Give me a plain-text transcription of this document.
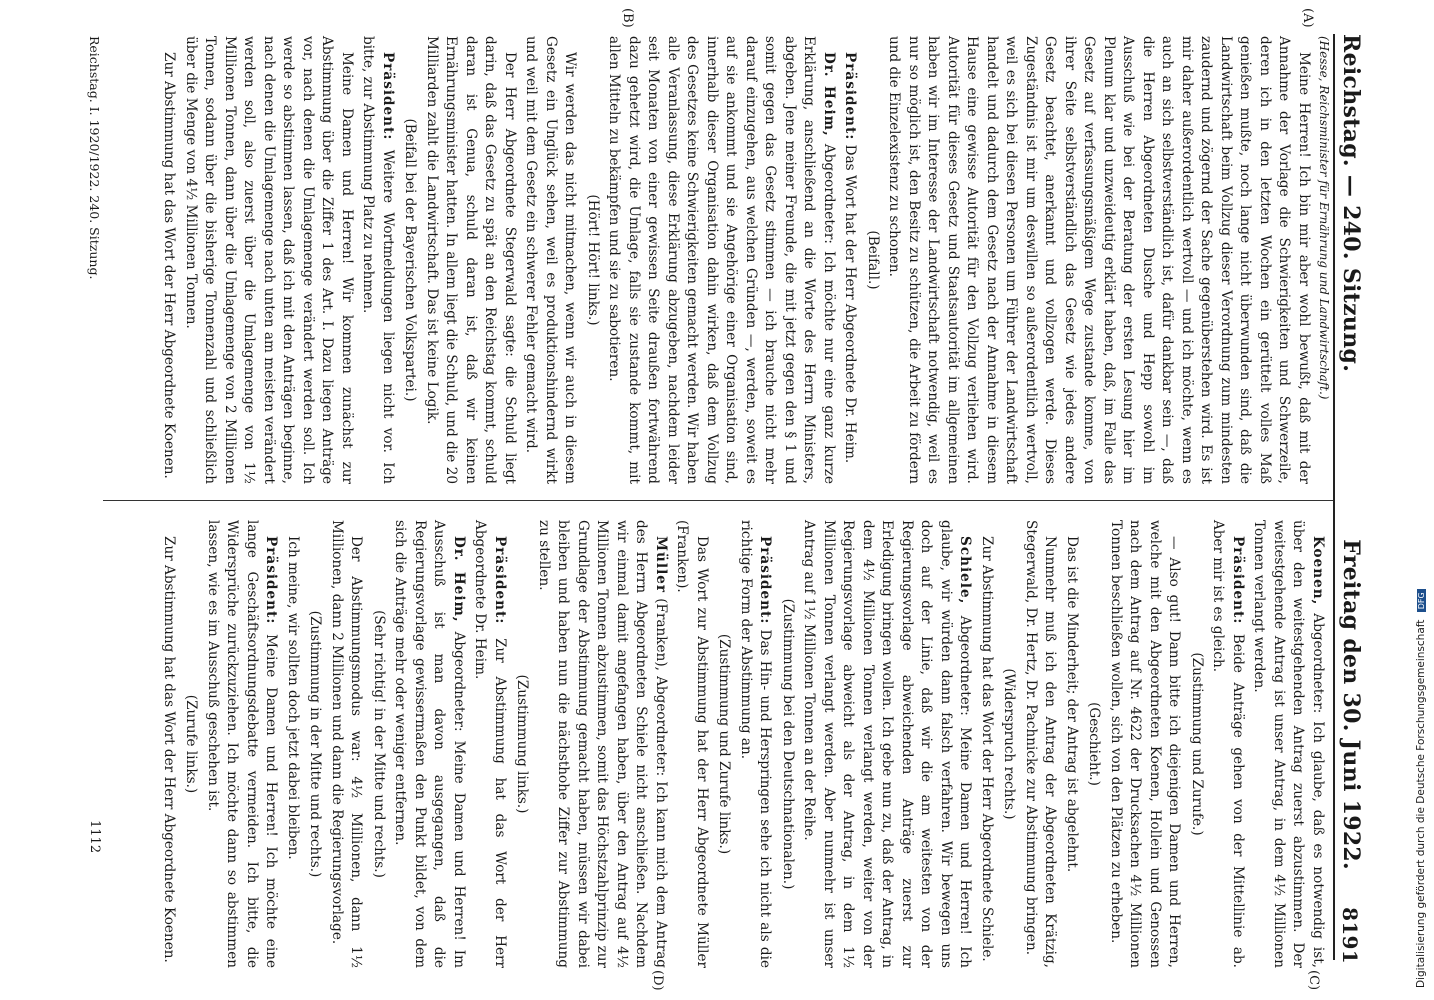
Reichstag. — 240. Sitzung.
Freitag den 30. Juni 1922.
8191
(Hesse, Reichsminister für Ernährung und Landwirtschaft.)
(A)
(B)
(C)
(D)

Meine Herren! Ich bin mir aber wohl bewußt, daß mit der Annahme der Vorlage die Schwierigkeiten und Schwerzeile, deren ich in den letzten Wochen ein gerüttelt volles Maß genießen mußte, noch lange nicht überwunden sind, daß die Landwirtschaft beim Vollzug dieser Verordnung zum mindesten zaudernd und zögernd der Sache gegenüberstehen wird. Es ist mir daher außerordentlich wertvoll — und ich möchte, wenn es auch an sich selbstverständlich ist, dafür dankbar sein —, daß die Herren Abgeordneten Dusche und Hepp sowohl im Ausschuß wie bei der Beratung der ersten Lesung hier im Plenum klar und unzweideutig erklärt haben, daß, im Falle das Gesetz auf verfassungsmäßigem Wege zustande komme, von ihrer Seite selbstverständlich das Gesetz wie jedes andere Gesetz beachtet, anerkannt und vollzogen werde. Dieses Zugeständnis ist mir um deswillen so außerordentlich wertvoll, weil es sich bei diesen Personen um Führer der Landwirtschaft handelt und dadurch dem Gesetz nach der Annahme in diesem Hause eine gewisse Autorität für den Vollzug verliehen wird. Autorität für dieses Gesetz und Staatsautorität im allgemeinen haben wir im Interesse der Landwirtschaft notwendig, weil es nur so möglich ist, den Besitz zu schützen, die Arbeit zu fördern und die Einzelexistenz zu schonen.

(Beifall.)

Präsident: Das Wort hat der Herr Abgeordnete Dr. Heim.

Dr. Heim, Abgeordneter: Ich möchte nur eine ganz kurze Erklärung, anschließend an die Worte des Herrn Ministers, abgeben. Jene meiner Freunde, die mit jetzt gegen den § 1 und somit gegen das Gesetz stimmen — ich brauche nicht mehr darauf einzugehen, aus welchen Gründen —, werden, soweit es auf sie ankommt und sie Angehörige einer Organisation sind, innerhalb dieser Organisation dahin wirken, daß dem Vollzug des Gesetzes keine Schwierigkeiten gemacht werden. Wir haben alle Veranlassung, diese Erklärung abzugeben, nachdem leider seit Monaten von einer gewissen Seite draußen fortwährend dazu gehetzt wird, die Umlage, falls sie zustande kommt, mit allen Mitteln zu bekämpfen und sie zu sabotieren.

(Hört! Hört! links.)

Wir werden das nicht mitmachen, wenn wir auch in diesem Gesetz ein Unglück sehen, weil es produktionshindernd wirkt und weil mit dem Gesetz ein schwerer Fehler gemacht wird.

Der Herr Abgeordnete Stegerwald sagte: die Schuld liegt darin, daß das Gesetz zu spät an den Reichstag kommt, schuld daran ist Genua, schuld daran ist, daß wir keinen Ernährungsminister hatten. In allem liegt die Schuld, und die 20 Milliarden zahlt die Landwirtschaft. Das ist keine Logik.

(Beifall bei der Bayerischen Volkspartei.)

Präsident: Weitere Wortmeldungen liegen nicht vor. Ich bitte, zur Abstimmung Platz zu nehmen.

Meine Damen und Herren! Wir kommen zunächst zur Abstimmung über die Ziffer 1 des Art. I. Dazu liegen Anträge vor, nach denen die Umlagemenge verändert werden soll. Ich werde so abstimmen lassen, daß ich mit den Anträgen beginne, nach denen die Umlagemenge nach unten am meisten verändert werden soll, also zuerst über die Umlagemenge von 1½ Millionen Tonnen, dann über die Umlagemenge von 2 Millionen Tonnen, sodann über die bisherige Tonnenzahl und schließlich über die Menge von 4½ Millionen Tonnen.

Zur Abstimmung hat das Wort der Herr Abgeordnete Koenen.

Koenen, Abgeordneter: Ich glaube, daß es notwendig ist, über den weitestgehenden Antrag zuerst abzustimmen. Der weitestgehende Antrag ist unser Antrag, in dem 4½ Millionen Tonnen verlangt werden.

Präsident: Beide Anträge gehen von der Mittellinie ab. Aber mir ist es gleich.

(Zustimmung und Zurufe.)

— Also gut! Dann bitte ich diejenigen Damen und Herren, welche mit den Abgeordneten Koenen, Hollein und Genossen nach dem Antrag auf Nr. 4622 der Drucksachen 4½ Millionen Tonnen beschließen wollen, sich von den Plätzen zu erheben.

(Geschieht.)

Das ist die Minderheit; der Antrag ist abgelehnt.

Nunmehr muß ich den Antrag der Abgeordneten Krätzig, Stegerwald, Dr. Hertz, Dr. Pachnicke zur Abstimmung bringen.

(Widerspruch rechts.)

Zur Abstimmung hat das Wort der Herr Abgeordnete Schiele.

Schiele, Abgeordneter: Meine Damen und Herren! Ich glaube, wir würden dann falsch verfahren. Wir bewegen uns doch auf der Linie, daß wir die am weitesten von der Regierungsvorlage abweichenden Anträge zuerst zur Erledigung bringen wollen. Ich gebe nun zu, daß der Antrag, in dem 4½ Millionen Tonnen verlangt werden, weiter von der Regierungsvorlage abweicht als der Antrag, in dem 1½ Millionen Tonnen verlangt werden. Aber nunmehr ist unser Antrag auf 1½ Millionen Tonnen an der Reihe.

(Zustimmung bei den Deutschnationalen.)

Präsident: Das Hin- und Herspringen sehe ich nicht als die richtige Form der Abstimmung an.

(Zustimmung und Zurufe links.)

Das Wort zur Abstimmung hat der Herr Abgeordnete Müller (Franken).

Müller (Franken), Abgeordneter: Ich kann mich dem Antrag des Herrn Abgeordneten Schiele nicht anschließen. Nachdem wir einmal damit angefangen haben, über den Antrag auf 4½ Millionen Tonnen abzustimmen, somit das Höchstzahlprinzip zur Grundlage der Abstimmung gemacht haben, müssen wir dabei bleiben und haben nun die nächsthohe Ziffer zur Abstimmung zu stellen.

(Zustimmung links.)

Präsident: Zur Abstimmung hat das Wort der Herr Abgeordnete Dr. Heim.

Dr. Heim, Abgeordneter: Meine Damen und Herren! Im Ausschuß ist man davon ausgegangen, daß die Regierungsvorlage gewissermaßen den Punkt bildet, von dem sich die Anträge mehr oder weniger entfernen.

(Sehr richtig! in der Mitte und rechts.)

Der Abstimmungsmodus war: 4½ Millionen, dann 1½ Millionen, dann 2 Millionen und dann die Regierungsvorlage.

(Zustimmung in der Mitte und rechts.)

Ich meine, wir sollten doch jetzt dabei bleiben.

Präsident: Meine Damen und Herren! Ich möchte eine lange Geschäftsordnungsdebatte vermeiden. Ich bitte, die Widersprüche zurückzuziehen. Ich möchte dann so abstimmen lassen, wie es im Ausschuß geschehen ist.

(Zurufe links.)

Zur Abstimmung hat das Wort der Herr Abgeordnete Koenen.

Reichstag. I. 1920/1922. 240. Sitzung.
1112	Digitalisierung gefördert durch die Deutsche Forschungsgemeinschaft DFG
